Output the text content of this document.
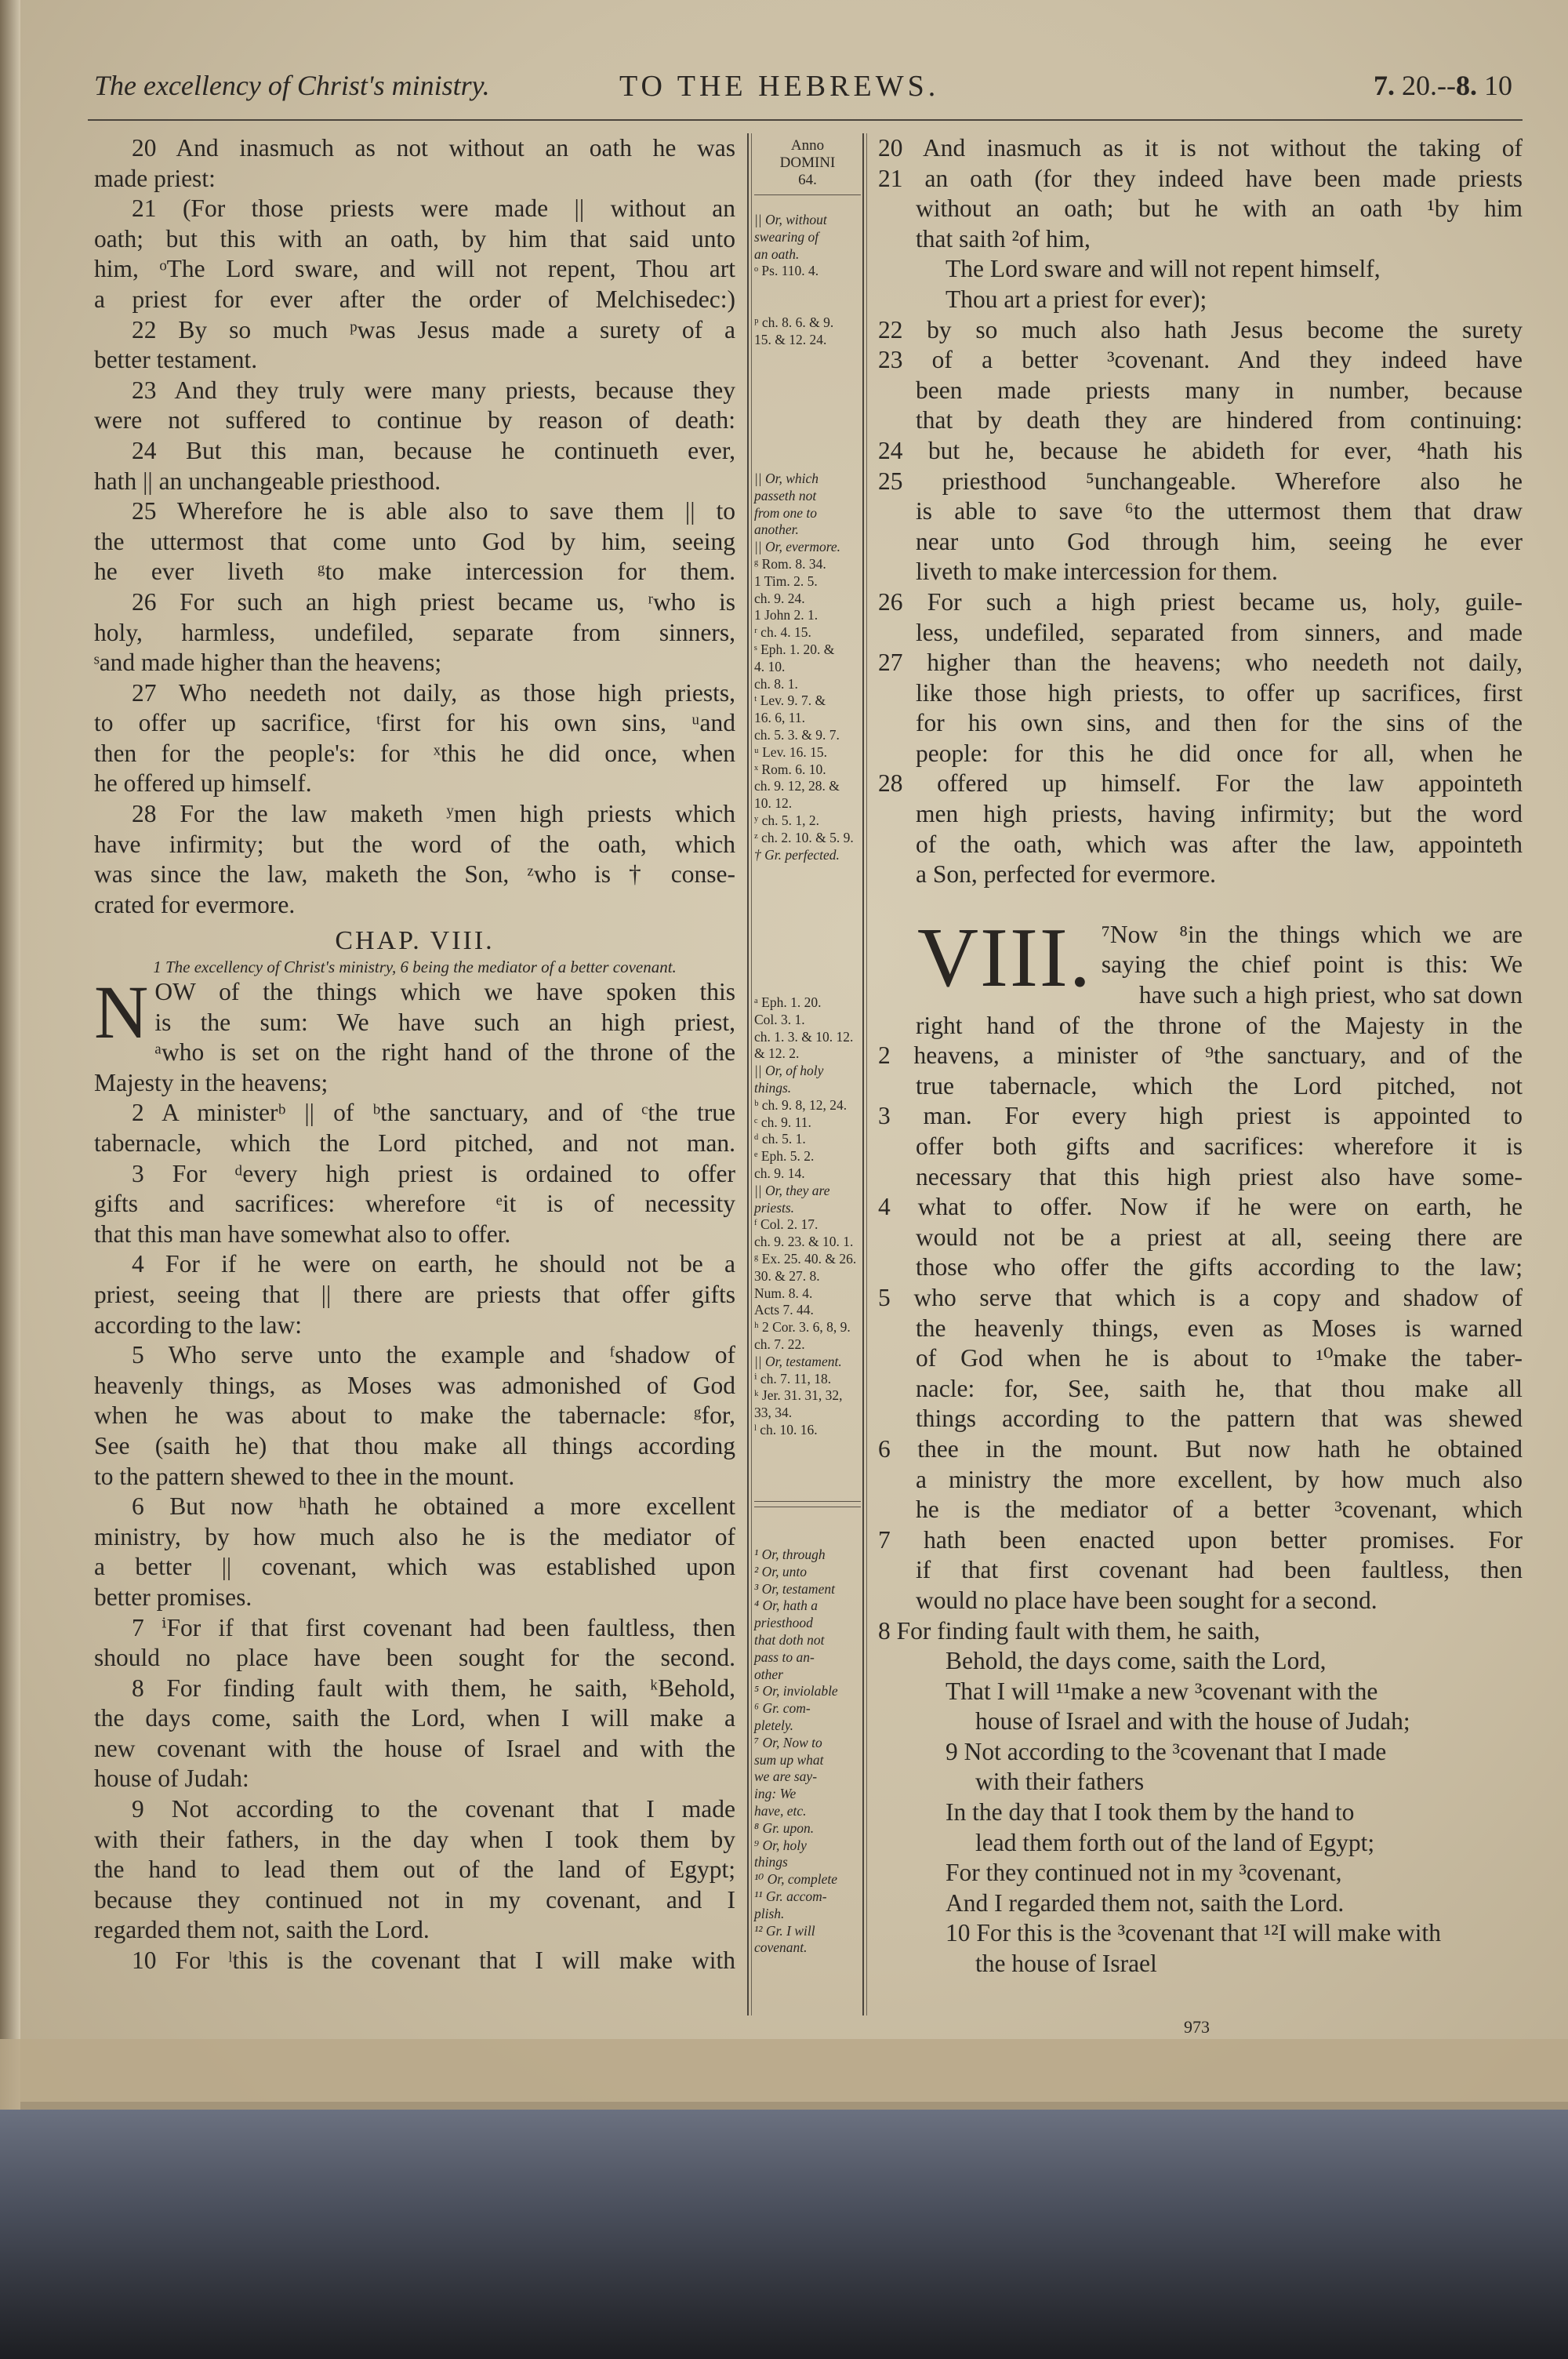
The excellency of Christ's ministry.	TO THE HEBREWS.	7. 20.--8. 10
Anno
DOMINI
64.
|| Or, without
swearing of
an oath.
ᵒ Ps. 110. 4.

ᵖ ch. 8. 6. & 9.
15. & 12. 24.
|| Or, which
passeth not
from one to
another.
|| Or, evermore.
ᵍ Rom. 8. 34.
1 Tim. 2. 5.
ch. 9. 24.
1 John 2. 1.
ʳ ch. 4. 15.
ˢ Eph. 1. 20. &
4. 10.
ch. 8. 1.
ᵗ Lev. 9. 7. &
16. 6, 11.
ch. 5. 3. & 9. 7.
ᵘ Lev. 16. 15.
ˣ Rom. 6. 10.
ch. 9. 12, 28. &
10. 12.
ʸ ch. 5. 1, 2.
ᶻ ch. 2. 10. & 5. 9.
† Gr. perfected.
ᵃ Eph. 1. 20.
Col. 3. 1.
ch. 1. 3. & 10. 12.
& 12. 2.
|| Or, of holy
things.
ᵇ ch. 9. 8, 12, 24.
ᶜ ch. 9. 11.
ᵈ ch. 5. 1.
ᵉ Eph. 5. 2.
ch. 9. 14.
|| Or, they are
priests.
ᶠ Col. 2. 17.
ch. 9. 23. & 10. 1.
ᵍ Ex. 25. 40. & 26.
30. & 27. 8.
Num. 8. 4.
Acts 7. 44.
ʰ 2 Cor. 3. 6, 8, 9.
ch. 7. 22.
|| Or, testament.
ⁱ ch. 7. 11, 18.
ᵏ Jer. 31. 31, 32,
33, 34.
ˡ ch. 10. 16.
¹ Or, through
² Or, unto
³ Or, testament
⁴ Or, hath a
priesthood
that doth not
pass to an-
other
⁵ Or, inviolable
⁶ Gr. com-
pletely.
⁷ Or, Now to
sum up what
we are say-
ing: We
have, etc.
⁸ Gr. upon.
⁹ Or, holy
things
¹⁰ Or, complete
¹¹ Gr. accom-
plish.
¹² Gr. I will
covenant.
20 And inasmuch as not without an oath he was
made priest:
21 (For those priests were made || without an
oath; but this with an oath, by him that said unto
him, ᵒThe Lord sware, and will not repent, Thou art
a priest for ever after the order of Melchisedec:)
22 By so much ᵖwas Jesus made a surety of a
better testament.
23 And they truly were many priests, because they
were not suffered to continue by reason of death:
24 But this man, because he continueth ever,
hath || an unchangeable priesthood.
25 Wherefore he is able also to save them || to
the uttermost that come unto God by him, seeing
he ever liveth ᵍto make intercession for them.
26 For such an high priest became us, ʳwho is
holy, harmless, undefiled, separate from sinners,
ˢand made higher than the heavens;
27 Who needeth not daily, as those high priests,
to offer up sacrifice, ᵗfirst for his own sins, ᵘand
then for the people's: for ˣthis he did once, when
he offered up himself.
28 For the law maketh ʸmen high priests which
have infirmity; but the word of the oath, which
was since the law, maketh the Son, ᶻwho is † conse-
crated for evermore.
CHAP. VIII.
1 The excellency of Christ's ministry, 6 being the mediator of a better covenant.
N OW of the things which we have spoken this
is the sum: We have such an high priest,
ᵃwho is set on the right hand of the throne of the
Majesty in the heavens;
2 A ministerᵇ || of ᵇthe sanctuary, and of ᶜthe true
tabernacle, which the Lord pitched, and not man.
3 For ᵈevery high priest is ordained to offer
gifts and sacrifices: wherefore ᵉit is of necessity
that this man have somewhat also to offer.
4 For if he were on earth, he should not be a
priest, seeing that || there are priests that offer gifts
according to the law:
5 Who serve unto the example and ᶠshadow of
heavenly things, as Moses was admonished of God
when he was about to make the tabernacle: ᵍfor,
See (saith he) that thou make all things according
to the pattern shewed to thee in the mount.
6 But now ʰhath he obtained a more excellent
ministry, by how much also he is the mediator of
a better || covenant, which was established upon
better promises.
7 ⁱFor if that first covenant had been faultless, then
should no place have been sought for the second.
8 For finding fault with them, he saith, ᵏBehold,
the days come, saith the Lord, when I will make a
new covenant with the house of Israel and with the
house of Judah:
9 Not according to the covenant that I made
with their fathers, in the day when I took them by
the hand to lead them out of the land of Egypt;
because they continued not in my covenant, and I
regarded them not, saith the Lord.
10 For ˡthis is the covenant that I will make with
20 And inasmuch as it is not without the taking of
21 an oath (for they indeed have been made priests
without an oath; but he with an oath ¹by him
that saith ²of him,
The Lord sware and will not repent himself,
Thou art a priest for ever);
22 by so much also hath Jesus become the surety
23 of a better ³covenant. And they indeed have
been made priests many in number, because
that by death they are hindered from continuing:
24 but he, because he abideth for ever, ⁴hath his
25 priesthood ⁵unchangeable. Wherefore also he
is able to save ⁶to the uttermost them that draw
near unto God through him, seeing he ever
liveth to make intercession for them.
26 For such a high priest became us, holy, guile-
less, undefiled, separated from sinners, and made
27 higher than the heavens; who needeth not daily,
like those high priests, to offer up sacrifices, first
for his own sins, and then for the sins of the
people: for this he did once for all, when he
28 offered up himself. For the law appointeth
men high priests, having infirmity; but the word
of the oath, which was after the law, appointeth
a Son, perfected for evermore.
VIII. ⁷Now ⁸in the things which we are
saying the chief point is this: We
have such a high priest, who sat down
right hand of the throne of the Majesty in the
2 heavens, a minister of ⁹the sanctuary, and of the
true tabernacle, which the Lord pitched, not
3 man. For every high priest is appointed to
offer both gifts and sacrifices: wherefore it is
necessary that this high priest also have some-
4 what to offer. Now if he were on earth, he
would not be a priest at all, seeing there are
those who offer the gifts according to the law;
5 who serve that which is a copy and shadow of
the heavenly things, even as Moses is warned
of God when he is about to ¹⁰make the taber-
nacle: for, See, saith he, that thou make all
things according to the pattern that was shewed
6 thee in the mount. But now hath he obtained
a ministry the more excellent, by how much also
he is the mediator of a better ³covenant, which
7 hath been enacted upon better promises. For
if that first covenant had been faultless, then
would no place have been sought for a second.
8 For finding fault with them, he saith,
Behold, the days come, saith the Lord,
That I will ¹¹make a new ³covenant with the
house of Israel and with the house of Judah;
9 Not according to the ³covenant that I made
with their fathers
In the day that I took them by the hand to
lead them forth out of the land of Egypt;
For they continued not in my ³covenant,
And I regarded them not, saith the Lord.
10 For this is the ³covenant that ¹²I will make with
the house of Israel
973
